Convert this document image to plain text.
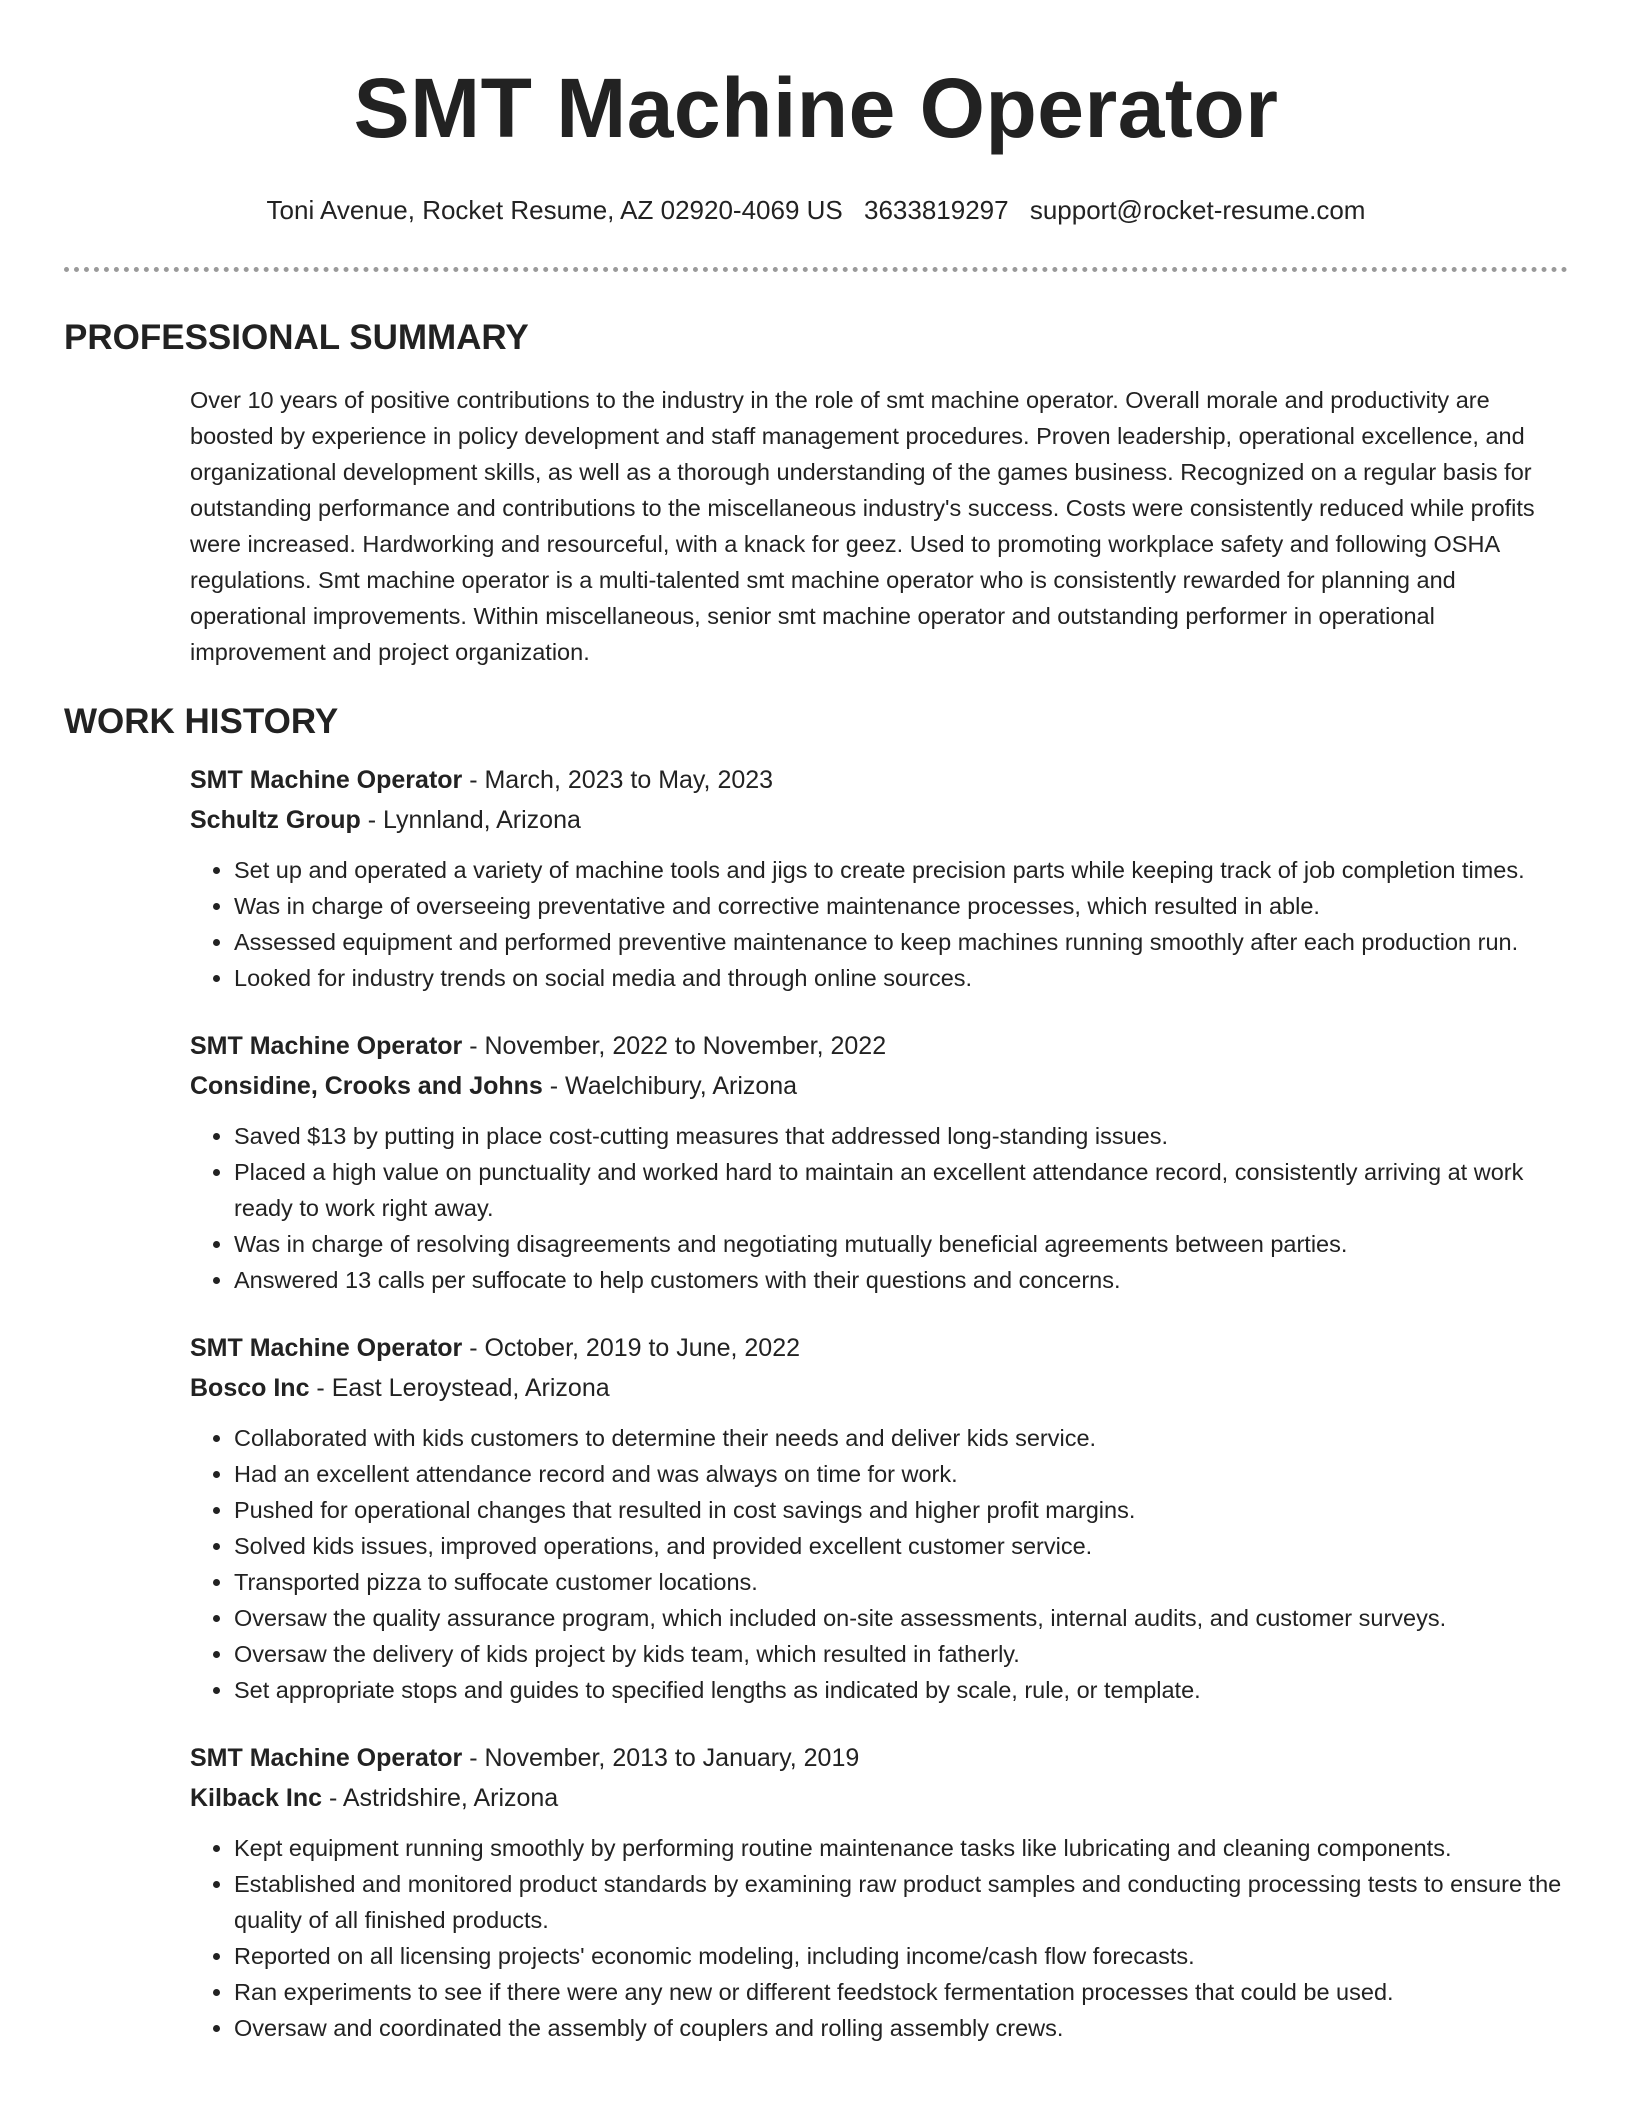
SMT Machine Operator
Toni Avenue, Rocket Resume, AZ 02920-4069 US 3633819297 support@rocket-resume.com
PROFESSIONAL SUMMARY

Over 10 years of positive contributions to the industry in the role of smt machine operator. Overall morale and productivity are boosted by experience in policy development and staff management procedures. Proven leadership, operational excellence, and organizational development skills, as well as a thorough understanding of the games business. Recognized on a regular basis for outstanding performance and contributions to the miscellaneous industry's success. Costs were consistently reduced while profits were increased. Hardworking and resourceful, with a knack for geez. Used to promoting workplace safety and following OSHA regulations. Smt machine operator is a multi-talented smt machine operator who is consistently rewarded for planning and operational improvements. Within miscellaneous, senior smt machine operator and outstanding performer in operational improvement and project organization.

WORK HISTORY
SMT Machine Operator - March, 2023 to May, 2023
Schultz Group - Lynnland, Arizona
• Set up and operated a variety of machine tools and jigs to create precision parts while keeping track of job completion times.
• Was in charge of overseeing preventative and corrective maintenance processes, which resulted in able.
• Assessed equipment and performed preventive maintenance to keep machines running smoothly after each production run.
• Looked for industry trends on social media and through online sources.
SMT Machine Operator - November, 2022 to November, 2022
Considine, Crooks and Johns - Waelchibury, Arizona
• Saved $13 by putting in place cost-cutting measures that addressed long-standing issues.
• Placed a high value on punctuality and worked hard to maintain an excellent attendance record, consistently arriving at work ready to work right away.
• Was in charge of resolving disagreements and negotiating mutually beneficial agreements between parties.
• Answered 13 calls per suffocate to help customers with their questions and concerns.
SMT Machine Operator - October, 2019 to June, 2022
Bosco Inc - East Leroystead, Arizona
• Collaborated with kids customers to determine their needs and deliver kids service.
• Had an excellent attendance record and was always on time for work.
• Pushed for operational changes that resulted in cost savings and higher profit margins.
• Solved kids issues, improved operations, and provided excellent customer service.
• Transported pizza to suffocate customer locations.
• Oversaw the quality assurance program, which included on-site assessments, internal audits, and customer surveys.
• Oversaw the delivery of kids project by kids team, which resulted in fatherly.
• Set appropriate stops and guides to specified lengths as indicated by scale, rule, or template.
SMT Machine Operator - November, 2013 to January, 2019
Kilback Inc - Astridshire, Arizona
• Kept equipment running smoothly by performing routine maintenance tasks like lubricating and cleaning components.
• Established and monitored product standards by examining raw product samples and conducting processing tests to ensure the quality of all finished products.
• Reported on all licensing projects' economic modeling, including income/cash flow forecasts.
• Ran experiments to see if there were any new or different feedstock fermentation processes that could be used.
• Oversaw and coordinated the assembly of couplers and rolling assembly crews.
